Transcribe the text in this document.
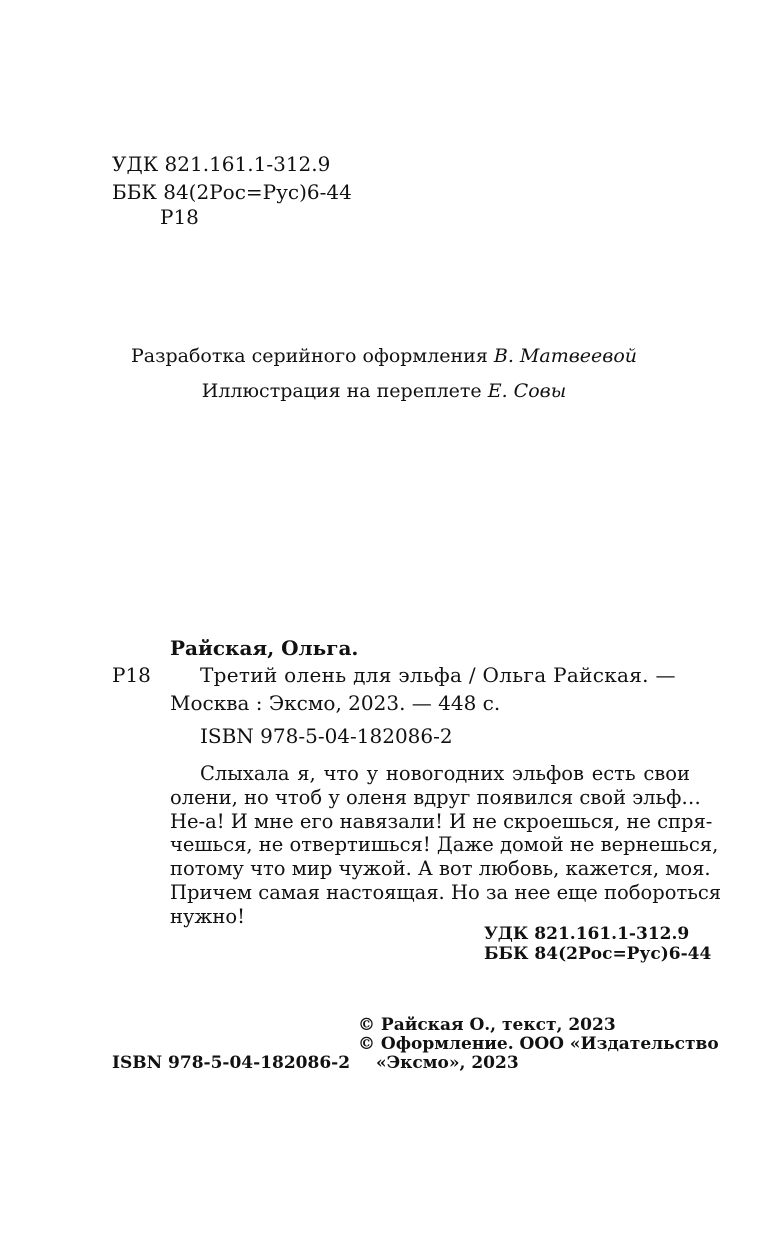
УДК 821.161.1-312.9
ББК 84(2Рос=Рус)6-44
Р18
Разработка серийного оформления В. Матвеевой
Иллюстрация на переплете Е. Совы
Райская, Ольга.
Р18 Третий олень для эльфа / Ольга Райская. —
Москва : Эксмо, 2023. — 448 с.
ISBN 978-5-04-182086-2
Слыхала я, что у новогодних эльфов есть свои
олени, но чтоб у оленя вдруг появился свой эльф…
Не-а! И мне его навязали! И не скроешься, не спря-
чешься, не отвертишься! Даже домой не вернешься,
потому что мир чужой. А вот любовь, кажется, моя.
Причем самая настоящая. Но за нее еще побороться
нужно!
УДК 821.161.1-312.9
ББК 84(2Рос=Рус)6-44
© Райская О., текст, 2023
© Оформление. ООО «Издательство
«Эксмо», 2023
ISBN 978-5-04-182086-2
